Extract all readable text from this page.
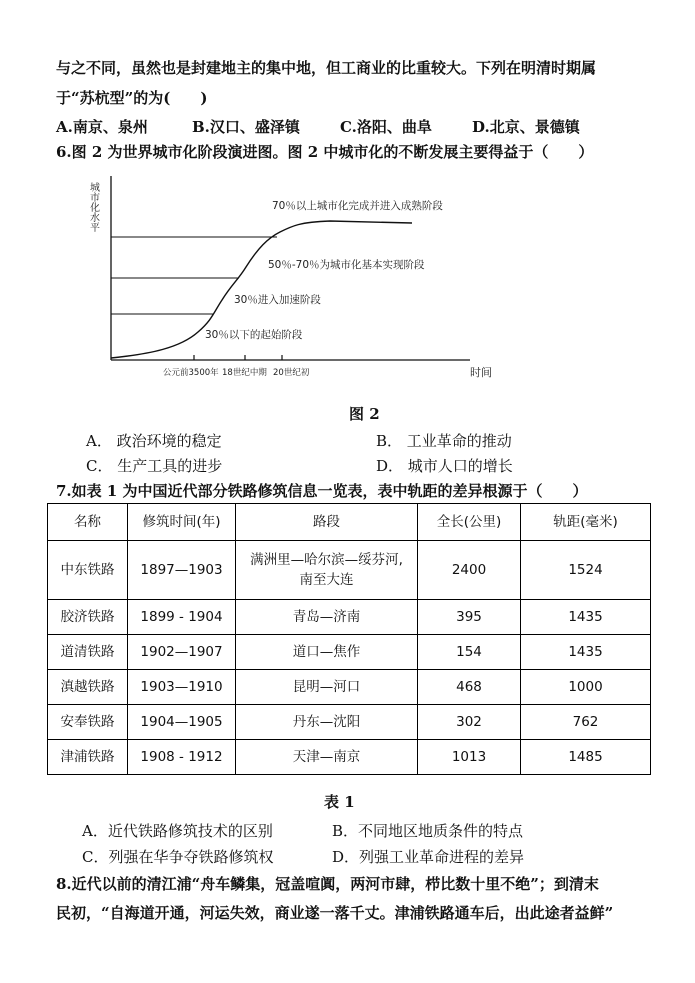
与之不同，虽然也是封建地主的集中地，但工商业的比重较大。下列在明清时期属
于“苏杭型”的为(　　)
A.南京、泉州	B.汉口、盛泽镇	C.洛阳、曲阜	D.北京、景德镇
6.图 2 为世界城市化阶段演进图。图 2 中城市化的不断发展主要得益于（　　）
城市化水平	70％以上城市化完成并进入成熟阶段
50％-70％为城市化基本实现阶段
30％进入加速阶段
30％以下的起始阶段
公元前3500年 18世纪中期 20世纪初	时间
图 2
A． 政治环境的稳定	B． 工业革命的推动
C． 生产工具的进步	D． 城市人口的增长
7.如表 1 为中国近代部分铁路修筑信息一览表，表中轨距的差异根源于（　　）
名称	修筑时间(年)	路段	全长(公里)	轨距(毫米)
中东铁路	1897—1903	满洲里—哈尔滨—绥芬河,
南至大连	2400	1524
胶济铁路	1899 - 1904	青岛—济南	395	1435
道清铁路	1902—1907	道口—焦作	154	1435
滇越铁路	1903—1910	昆明—河口	468	1000
安奉铁路	1904—1905	丹东—沈阳	302	762
津浦铁路	1908 - 1912	天津—南京	1013	1485
表 1
A．近代铁路修筑技术的区别	B．不同地区地质条件的特点
C．列强在华争夺铁路修筑权	D．列强工业革命进程的差异
8.近代以前的清江浦“舟车鳞集，冠盖喧阗，两河市肆，栉比数十里不绝”；到清末
民初，“自海道开通，河运失效，商业遂一落千丈。津浦铁路通车后，出此途者益鲜”
